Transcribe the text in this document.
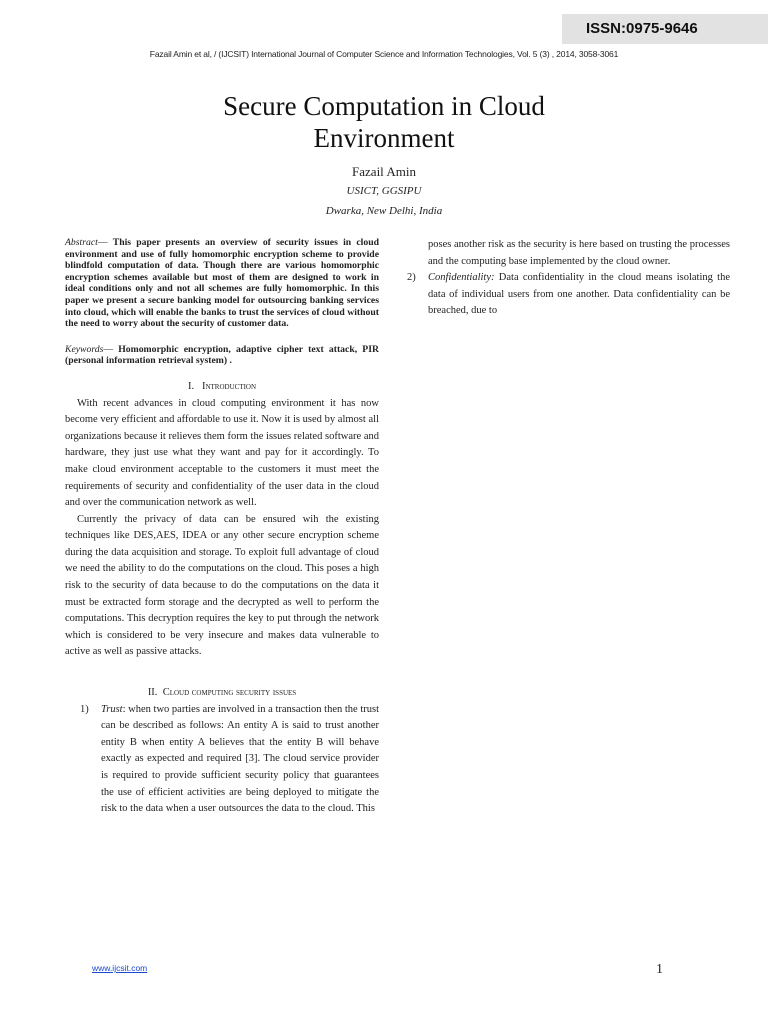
ISSN:0975-9646
Fazail Amin et al, / (IJCSIT) International Journal of Computer Science and Information Technologies, Vol. 5 (3) , 2014, 3058-3061
Secure Computation in Cloud
Environment
Fazail Amin
USICT, GGSIPU
Dwarka, New Delhi, India

Abstract— This paper presents an overview of security issues in cloud environment and use of fully homomorphic encryption scheme to provide blindfold computation of data. Though there are various homomorphic encryption schemes available but most of them are designed to work in ideal conditions only and not all schemes are fully homomorphic. In this paper we present a secure banking model for outsourcing banking services into cloud, which will enable the banks to trust the services of cloud without the need to worry about the security of customer data.

Keywords— Homomorphic encryption, adaptive cipher text attack, PIR (personal information retrieval system) .

I. Introduction

With recent advances in cloud computing environment it has now become very efficient and affordable to use it. Now it is used by almost all organizations because it relieves them form the issues related software and hardware, they just use what they want and pay for it accordingly. To make cloud environment acceptable to the customers it must meet the requirements of security and confidentiality of the user data in the cloud and over the communication network as well.

Currently the privacy of data can be ensured wih the existing techniques like DES,AES, IDEA or any other secure encryption scheme during the data acquisition and storage. To exploit full advantage of cloud we need the ability to do the computations on the cloud. This poses a high risk to the security of data because to do the computations on the data it must be extracted form storage and the decrypted as well to perform the computations. This decryption requires the key to put through the network which is considered to be very insecure and makes data vulnerable to active as well as passive attacks.

II. Cloud computing security issues

1) Trust: when two parties are involved in a transaction then the trust can be described as follows: An entity A is said to trust another entity B when entity A believes that the entity B will behave exactly as expected and required [3]. The cloud service provider is required to provide sufficient security policy that guarantees the use of efficient activities are being deployed to mitigate the risk to the data when a user outsources the data to the cloud. This
poses another risk as the security is here based on trusting the processes and the computing base implemented by the cloud owner.
2) Confidentiality: Data confidentiality in the cloud means isolating the data of individual users from one another. Data confidentiality can be breached, due to
www.ijcsit.com	1
